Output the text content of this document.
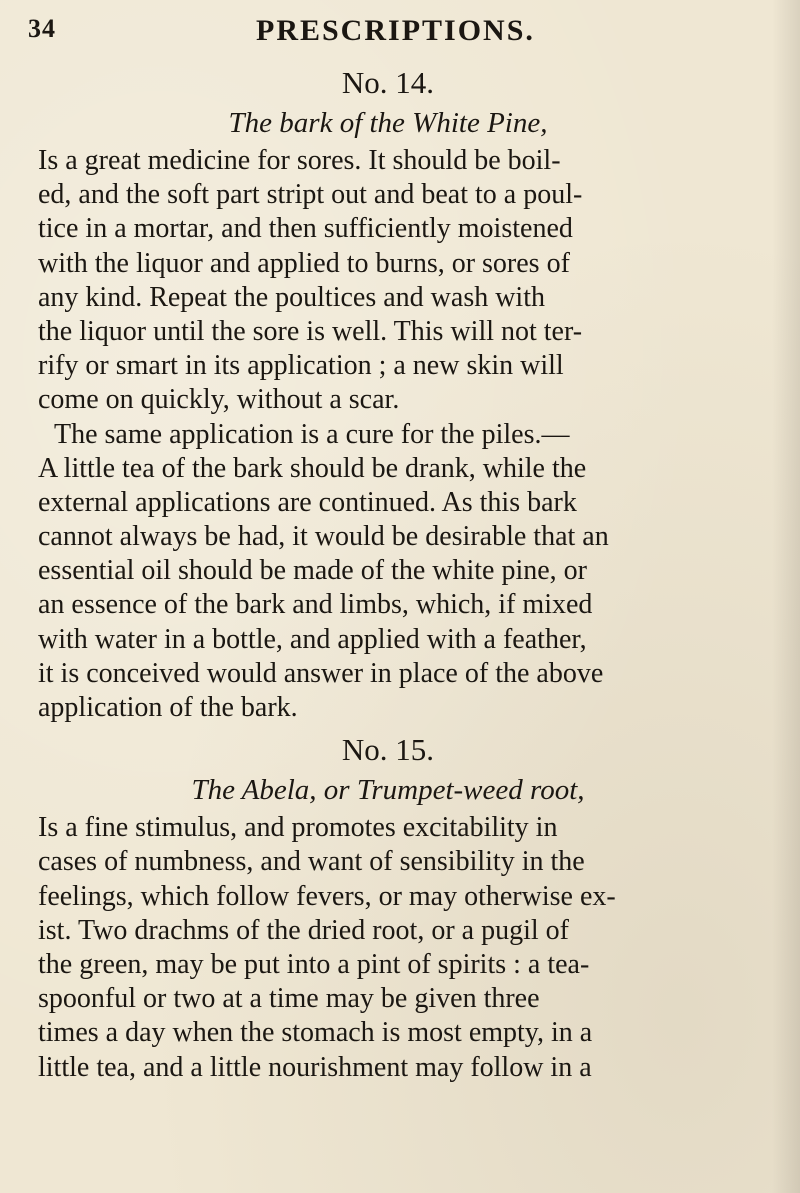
34	PRESCRIPTIONS.
No. 14.
The bark of the White Pine,
Is a great medicine for sores. It should be boil-
ed, and the soft part stript out and beat to a poul-
tice in a mortar, and then sufficiently moistened
with the liquor and applied to burns, or sores of
any kind. Repeat the poultices and wash with
the liquor until the sore is well. This will not ter-
rify or smart in its application ; a new skin will
come on quickly, without a scar.
The same application is a cure for the piles.—
A little tea of the bark should be drank, while the
external applications are continued. As this bark
cannot always be had, it would be desirable that an
essential oil should be made of the white pine, or
an essence of the bark and limbs, which, if mixed
with water in a bottle, and applied with a feather,
it is conceived would answer in place of the above
application of the bark.
No. 15.
The Abela, or Trumpet-weed root,
Is a fine stimulus, and promotes excitability in
cases of numbness, and want of sensibility in the
feelings, which follow fevers, or may otherwise ex-
ist. Two drachms of the dried root, or a pugil of
the green, may be put into a pint of spirits : a tea-
spoonful or two at a time may be given three
times a day when the stomach is most empty, in a
little tea, and a little nourishment may follow in a
